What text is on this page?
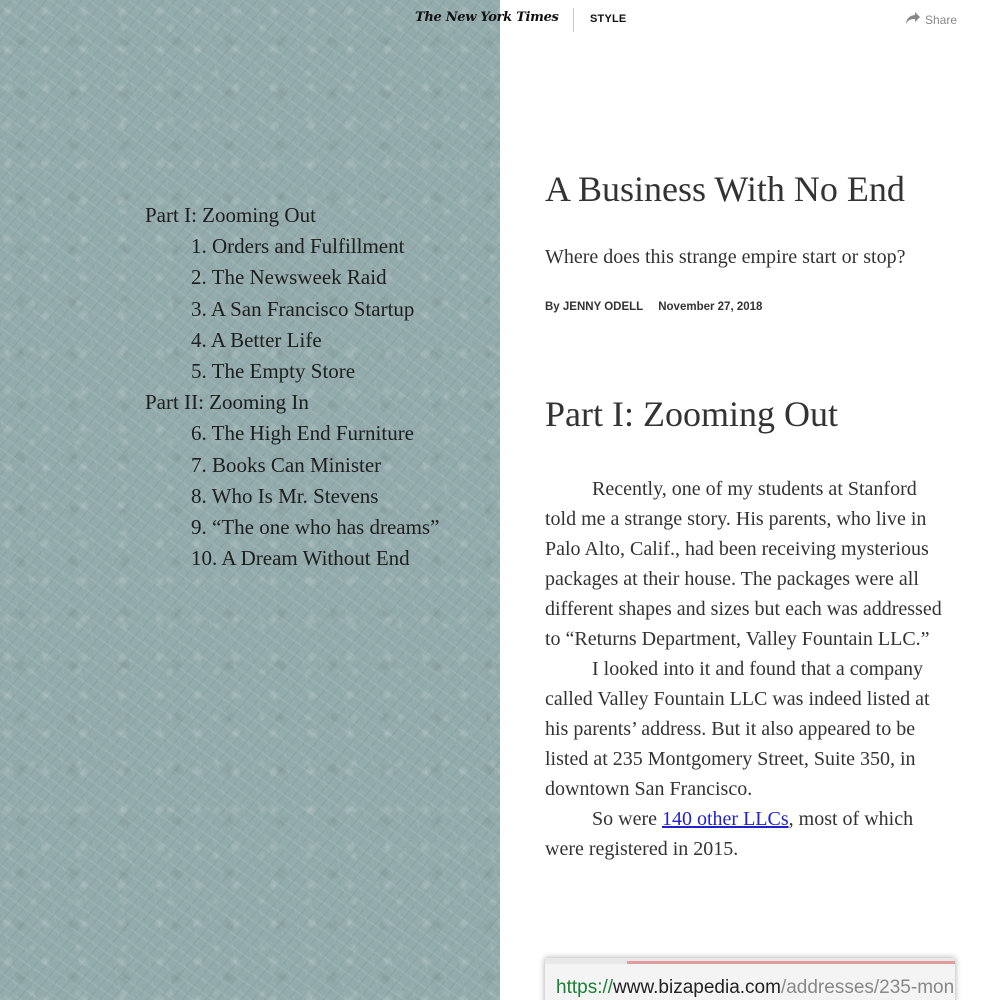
Part I: Zooming Out
1. Orders and Fulfillment
2. The Newsweek Raid
3. A San Francisco Startup
4. A Better Life
5. The Empty Store
Part II: Zooming In
6. The High End Furniture
7. Books Can Minister
8. Who Is Mr. Stevens
9. “The one who has dreams”
10. A Dream Without End
The New York Times	STYLE	Share
A Business With No End

Where does this strange empire start or stop?

By JENNY ODELL November 27, 2018
Part I: Zooming Out

Recently, one of my students at Stanford told me a strange story. His parents, who live in Palo Alto, Calif., had been receiving mysterious packages at their house. The packages were all different shapes and sizes but each was addressed to “Returns Department, Valley Fountain LLC.”

I looked into it and found that a company called Valley Fountain LLC was indeed listed at his parents’ address. But it also appeared to be listed at 235 Montgomery Street, Suite 350, in downtown San Francisco.

So were 140 other LLCs, most of which were registered in 2015.

https://www.bizapedia.com/addresses/235-mon
